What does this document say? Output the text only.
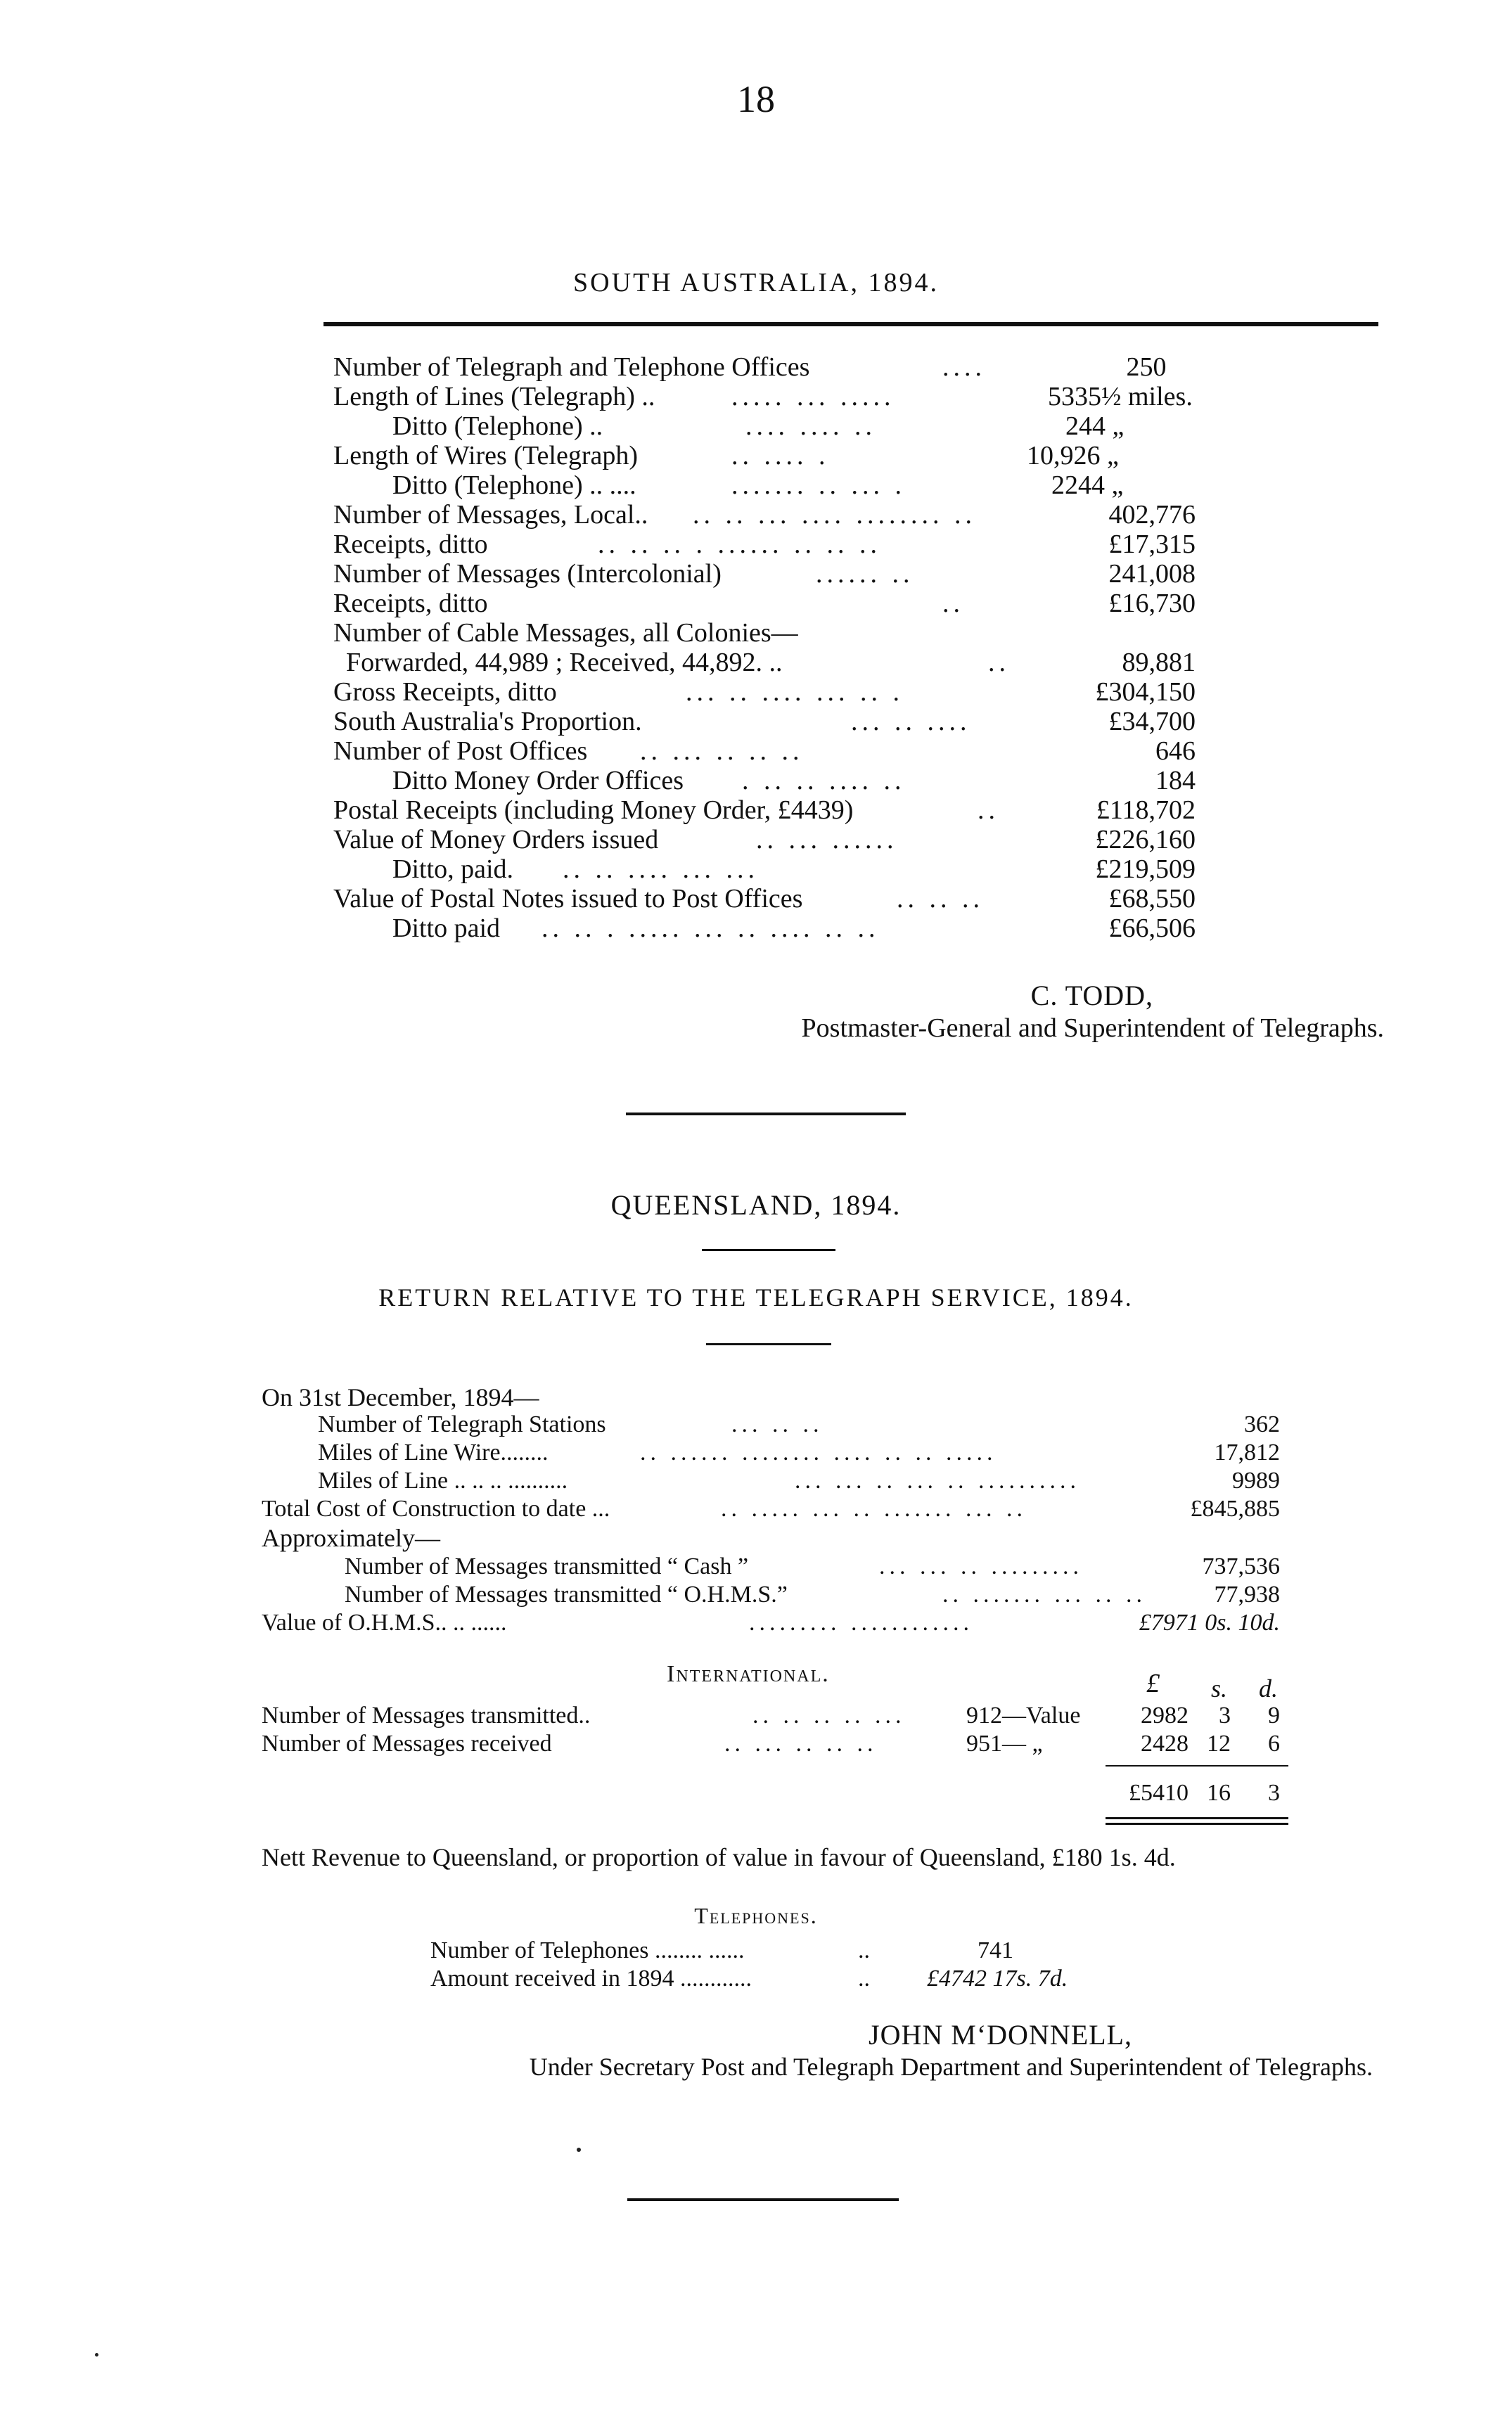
18
SOUTH AUSTRALIA, 1894.
Number of Telegraph and Telephone Offices	....	250
Length of Lines (Telegraph) ..	..... ... .....	5335½ miles.
Ditto (Telephone) ..	.... .... ..	244 „
Length of Wires (Telegraph)	.. .... .	10,926 „
Ditto (Telephone) .. ....	....... .. ... .	2244 „
Number of Messages, Local.. .. .. ... .... ........ ..	402,776
Receipts, ditto	.. .. .. . ...... .. .. ..	£17,315
Number of Messages (Intercolonial)	...... ..	241,008
Receipts, ditto	..	£16,730
Number of Cable Messages, all Colonies—
Forwarded, 44,989 ; Received, 44,892. ..	..	89,881
Gross Receipts, ditto	... .. .... ... .. .	£304,150
South Australia's Proportion.	... .. ....	£34,700
Number of Post Offices .. ... .. .. ..	646
Ditto Money Order Offices . .. .. .... ..	184
Postal Receipts (including Money Order, £4439)	..	£118,702
Value of Money Orders issued	.. ... ......	£226,160
Ditto, paid. .. .. .... ... ...	£219,509
Value of Postal Notes issued to Post Offices	.. .. ..	£68,550
Ditto paid .. .. . ..... ... .. .... .. ..	£66,506
C. TODD,
Postmaster-General and Superintendent of Telegraphs.
QUEENSLAND, 1894.
RETURN RELATIVE TO THE TELEGRAPH SERVICE, 1894.
On 31st December, 1894—
Number of Telegraph Stations	... .. ..	362
Miles of Line Wire........	.. ...... ........ .... .. .. .....	17,812
Miles of Line .. .. .. ..........	... ... .. ... .. ..........	9989
Total Cost of Construction to date ...	.. ..... ... .. ....... ... ..	£845,885
Approximately—
Number of Messages transmitted “ Cash ”	... ... .. .........	737,536
Number of Messages transmitted “ O.H.M.S.”	.. ....... ... .. ..	77,938
Value of O.H.M.S.. .. ......	......... ............	£7971 0s. 10d.
International.	£ s. d.
Number of Messages transmitted..	.. .. .. .. ...	912—Value	2982	3	9
Number of Messages received	.. ... .. .. ..	951— „	2428 12	6
£5410 16	3
Nett Revenue to Queensland, or proportion of value in favour of Queensland, £180 1s. 4d.
Telephones.
Number of Telephones ........ ......	..	741
Amount received in 1894 ............	.. £4742 17s. 7d.
JOHN M‘DONNELL,
Under Secretary Post and Telegraph Department and Superintendent of Telegraphs.
